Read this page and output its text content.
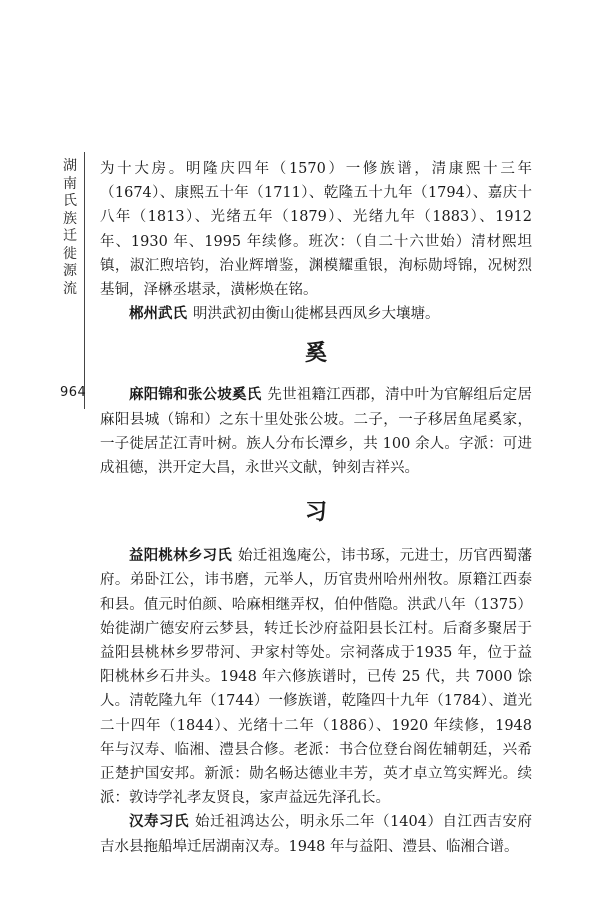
湖
南
氏
族
迁
徙
源
流
964

为十大房。明隆庆四年（1570）一修族谱，清康熙十三年（1674）、康熙五十年（1711）、乾隆五十九年（1794）、嘉庆十八年（1813）、光绪五年（1879）、光绪九年（1883）、1912 年、1930 年、1995 年续修。班次：（自二十六世始）清材熙坦镇，淑汇煦培钧，治业辉增鉴，渊模耀重银，洵标勋埒锦，况树烈基铜，泽楙丞堪录，潢彬焕在铭。

郴州武氏 明洪武初由衡山徙郴县西凤乡大壤塘。

奚

麻阳锦和张公坡奚氏 先世祖籍江西郡，清中叶为官解组后定居麻阳县城（锦和）之东十里处张公坡。二子，一子移居鱼尾奚家，一子徙居芷江青叶树。族人分布长潭乡，共 100 余人。字派：可进成祖德，洪开定大昌，永世兴文献，钟刻吉祥兴。

习

益阳桃林乡习氏 始迁祖逸庵公，讳书琢，元进士，历官西蜀藩府。弟卧江公，讳书磨，元举人，历官贵州哈州州牧。原籍江西泰和县。值元时伯颜、哈麻相继弄权，伯仲偕隐。洪武八年（1375）始徙湖广德安府云梦县，转迁长沙府益阳县长江村。后裔多聚居于益阳县桃林乡罗带河、尹家村等处。宗祠落成于1935 年，位于益阳桃林乡石井头。1948 年六修族谱时，已传 25 代，共 7000 馀人。清乾隆九年（1744）一修族谱，乾隆四十九年（1784）、道光二十四年（1844）、光绪十二年（1886）、1920 年续修，1948 年与汉寿、临湘、澧县合修。老派：书合位登台阁佐辅朝廷，兴希正楚护国安邦。新派：勋名畅达德业丰芳，英才卓立笃实辉光。续派：敦诗学礼孝友贤良，家声益远先泽孔长。

汉寿习氏 始迁祖鸿达公，明永乐二年（1404）自江西吉安府吉水县拖船埠迁居湖南汉寿。1948 年与益阳、澧县、临湘合谱。
